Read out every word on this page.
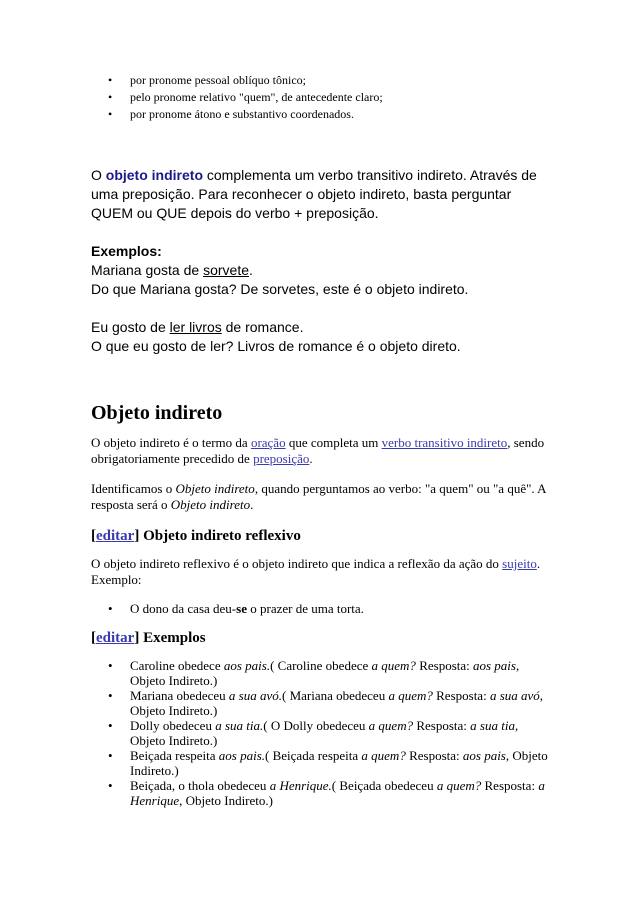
• por pronome pessoal oblíquo tônico;
• pelo pronome relativo "quem", de antecedente claro;
• por pronome átono e substantivo coordenados.

O objeto indireto complementa um verbo transitivo indireto. Através de uma preposição. Para reconhecer o objeto indireto, basta perguntar QUEM ou QUE depois do verbo + preposição.

Exemplos:

Mariana gosta de sorvete.

Do que Mariana gosta? De sorvetes, este é o objeto indireto.

Eu gosto de ler livros de romance.

O que eu gosto de ler? Livros de romance é o objeto direto.

Objeto indireto

O objeto indireto é o termo da oração que completa um verbo transitivo indireto, sendo obrigatoriamente precedido de preposição.

Identificamos o Objeto indireto, quando perguntamos ao verbo: "a quem" ou "a quê". A resposta será o Objeto indireto.

[editar] Objeto indireto reflexivo

O objeto indireto reflexivo é o objeto indireto que indica a reflexão da ação do sujeito. Exemplo:

• O dono da casa deu-se o prazer de uma torta.
[editar] Exemplos
• Caroline obedece aos pais.( Caroline obedece a quem? Resposta: aos pais, Objeto Indireto.)
• Mariana obedeceu a sua avó.( Mariana obedeceu a quem? Resposta: a sua avó, Objeto Indireto.)
• Dolly obedeceu a sua tia.( O Dolly obedeceu a quem? Resposta: a sua tia, Objeto Indireto.)
• Beiçada respeita aos pais.( Beiçada respeita a quem? Resposta: aos pais, Objeto Indireto.)
• Beiçada, o thola obedeceu a Henrique.( Beiçada obedeceu a quem? Resposta: a Henrique, Objeto Indireto.)
